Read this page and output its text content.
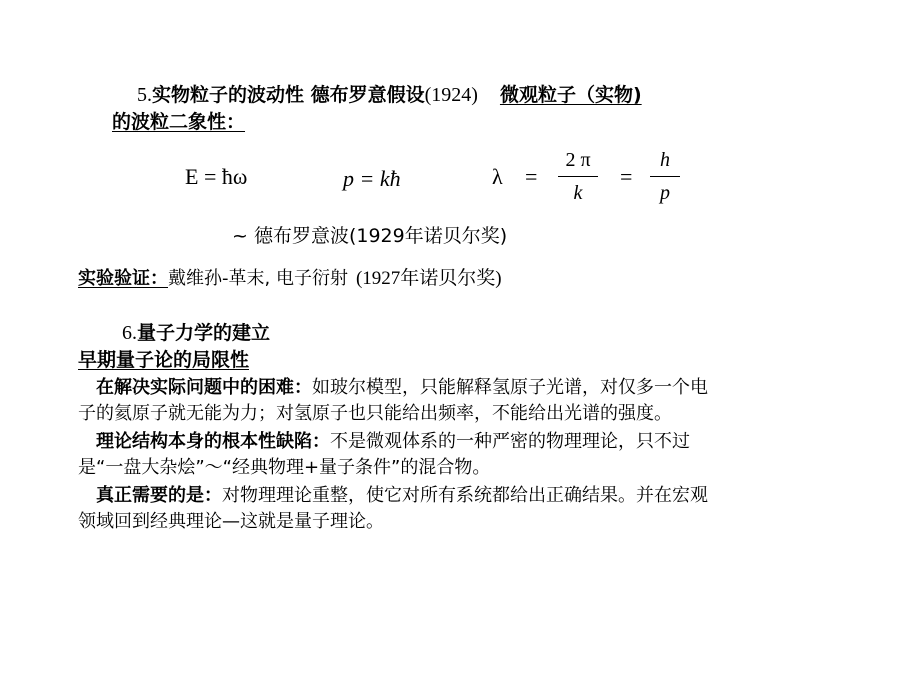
5.实物粒子的波动性 德布罗意假设(1924) 微观粒子（实物)
的波粒二象性：
E = ħω	p = kħ	λ =
2 π
k
=
h
p
~ 德布罗意波(1929年诺贝尔奖)
实验验证：戴维孙-革末, 电子衍射 (1927年诺贝尔奖)
6.量子力学的建立
早期量子论的局限性
在解决实际问题中的困难：如玻尔模型，只能解释氢原子光谱，对仅多一个电
子的氦原子就无能为力；对氢原子也只能给出频率，不能给出光谱的强度。
理论结构本身的根本性缺陷：不是微观体系的一种严密的物理理论，只不过
是“一盘大杂烩”～“经典物理+量子条件”的混合物。
真正需要的是：对物理理论重整，使它对所有系统都给出正确结果。并在宏观
领域回到经典理论—这就是量子理论。
